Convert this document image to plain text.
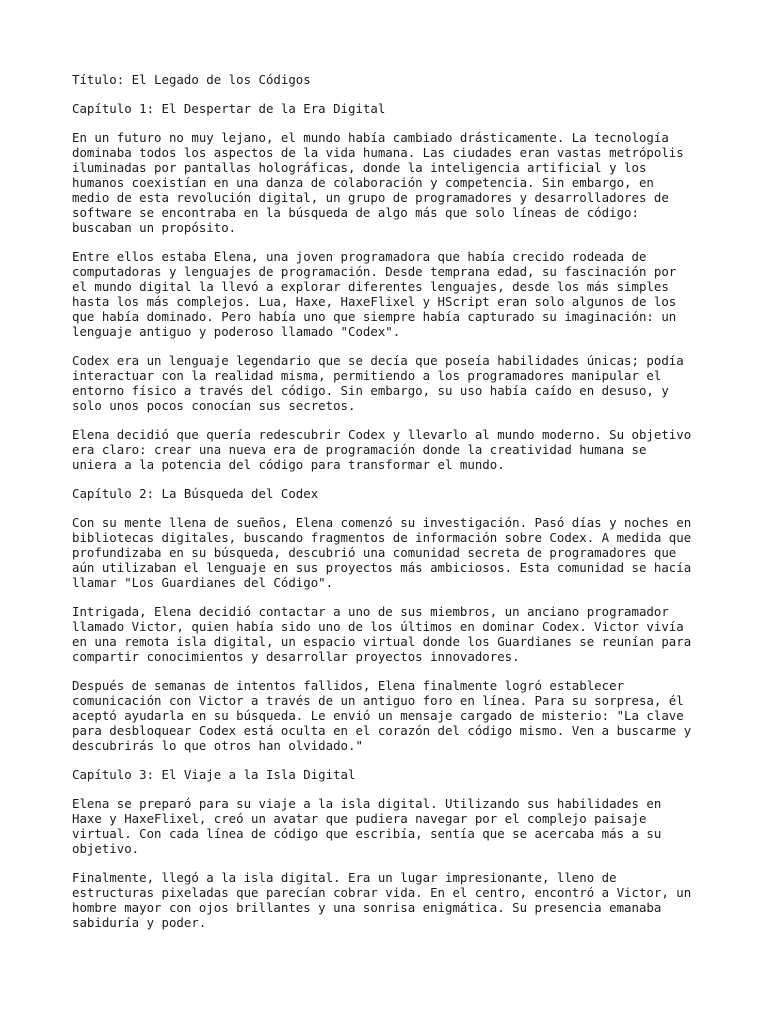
Título: El Legado de los Códigos
Capítulo 1: El Despertar de la Era Digital
En un futuro no muy lejano, el mundo había cambiado drásticamente. La tecnología
dominaba todos los aspectos de la vida humana. Las ciudades eran vastas metrópolis
iluminadas por pantallas holográficas, donde la inteligencia artificial y los
humanos coexistían en una danza de colaboración y competencia. Sin embargo, en
medio de esta revolución digital, un grupo de programadores y desarrolladores de
software se encontraba en la búsqueda de algo más que solo líneas de código:
buscaban un propósito.
Entre ellos estaba Elena, una joven programadora que había crecido rodeada de
computadoras y lenguajes de programación. Desde temprana edad, su fascinación por
el mundo digital la llevó a explorar diferentes lenguajes, desde los más simples
hasta los más complejos. Lua, Haxe, HaxeFlixel y HScript eran solo algunos de los
que había dominado. Pero había uno que siempre había capturado su imaginación: un
lenguaje antiguo y poderoso llamado "Codex".
Codex era un lenguaje legendario que se decía que poseía habilidades únicas; podía
interactuar con la realidad misma, permitiendo a los programadores manipular el
entorno físico a través del código. Sin embargo, su uso había caído en desuso, y
solo unos pocos conocían sus secretos.
Elena decidió que quería redescubrir Codex y llevarlo al mundo moderno. Su objetivo
era claro: crear una nueva era de programación donde la creatividad humana se
uniera a la potencia del código para transformar el mundo.
Capítulo 2: La Búsqueda del Codex
Con su mente llena de sueños, Elena comenzó su investigación. Pasó días y noches en
bibliotecas digitales, buscando fragmentos de información sobre Codex. A medida que
profundizaba en su búsqueda, descubrió una comunidad secreta de programadores que
aún utilizaban el lenguaje en sus proyectos más ambiciosos. Esta comunidad se hacía
llamar "Los Guardianes del Código".
Intrigada, Elena decidió contactar a uno de sus miembros, un anciano programador
llamado Victor, quien había sido uno de los últimos en dominar Codex. Victor vivía
en una remota isla digital, un espacio virtual donde los Guardianes se reunían para
compartir conocimientos y desarrollar proyectos innovadores.
Después de semanas de intentos fallidos, Elena finalmente logró establecer
comunicación con Victor a través de un antiguo foro en línea. Para su sorpresa, él
aceptó ayudarla en su búsqueda. Le envió un mensaje cargado de misterio: "La clave
para desbloquear Codex está oculta en el corazón del código mismo. Ven a buscarme y
descubrirás lo que otros han olvidado."
Capítulo 3: El Viaje a la Isla Digital
Elena se preparó para su viaje a la isla digital. Utilizando sus habilidades en
Haxe y HaxeFlixel, creó un avatar que pudiera navegar por el complejo paisaje
virtual. Con cada línea de código que escribía, sentía que se acercaba más a su
objetivo.
Finalmente, llegó a la isla digital. Era un lugar impresionante, lleno de
estructuras pixeladas que parecían cobrar vida. En el centro, encontró a Victor, un
hombre mayor con ojos brillantes y una sonrisa enigmática. Su presencia emanaba
sabiduría y poder.
